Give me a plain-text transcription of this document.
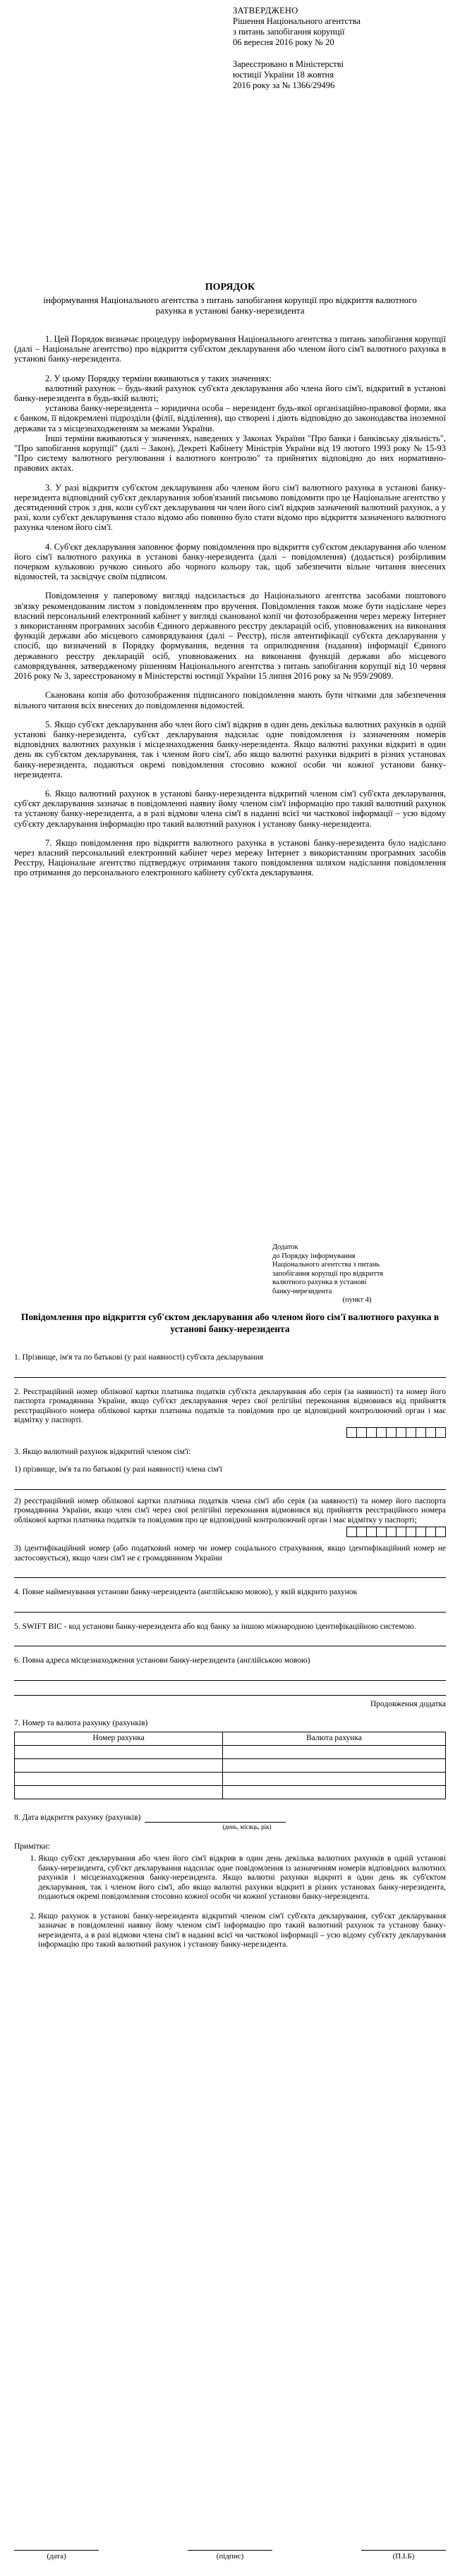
ЗАТВЕРДЖЕНО
Рішення Національного агентства
з питань запобігання корупції
06 вересня 2016 року № 20
Зареєстровано в Міністерстві
юстиції України 18 жовтня
2016 року за № 1366/29496
ПОРЯДОК
інформування Національного агентства з питань запобігання корупції про відкриття валютного рахунка в установі банку-нерезидента

1. Цей Порядок визначає процедуру інформування Національного агентства з питань запобігання корупції (далі – Національне агентство) про відкриття суб'єктом декларування або членом його сім'ї валютного рахунка в установі банку-нерезидента.

2. У цьому Порядку терміни вживаються у таких значеннях:

валютний рахунок – будь-який рахунок суб'єкта декларування або члена його сім'ї, відкритий в установі банку-нерезидента в будь-якій валюті;

установа банку-нерезидента – юридична особа – нерезидент будь-якої організаційно-правової форми, яка є банком, її відокремлені підрозділи (філії, відділення), що створені і діють відповідно до законодавства іноземної держави та з місцезнаходженням за межами України.

Інші терміни вживаються у значеннях, наведених у Законах України "Про банки і банківську діяльність", "Про запобігання корупції" (далі – Закон), Декреті Кабінету Міністрів України від 19 лютого 1993 року № 15-93 "Про систему валютного регулювання і валютного контролю" та прийнятих відповідно до них нормативно-правових актах.

3. У разі відкриття суб'єктом декларування або членом його сім'ї валютного рахунка в установі банку-нерезидента відповідний суб'єкт декларування зобов'язаний письмово повідомити про це Національне агентство у десятиденний строк з дня, коли суб'єкт декларування чи член його сім'ї відкрив зазначений валютний рахунок, а у разі, коли суб'єкт декларування стало відомо або повинно було стати відомо про відкриття зазначеного валютного рахунка членом його сім'ї.

4. Суб'єкт декларування заповнює форму повідомлення про відкриття суб'єктом декларування або членом його сім'ї валютного рахунка в установі банку-нерезидента (далі – повідомлення) (додається) розбірливим почерком кульковою ручкою синього або чорного кольору так, щоб забезпечити вільне читання внесених відомостей, та засвідчує своїм підписом.

Повідомлення у паперовому вигляді надсилається до Національного агентства засобами поштового зв'язку рекомендованим листом з повідомленням про вручення. Повідомлення також може бути надіслане через власний персональний електронний кабінет у вигляді сканованої копії чи фотозображення через мережу Інтернет з використанням програмних засобів Єдиного державного реєстру декларацій осіб, уповноважених на виконання функцій держави або місцевого самоврядування (далі – Реєстр), після автентифікації суб'єкта декларування у спосіб, що визначений в Порядку формування, ведення та оприлюднення (надання) інформації Єдиного державного реєстру декларацій осіб, уповноважених на виконання функцій держави або місцевого самоврядування, затвердженому рішенням Національного агентства з питань запобігання корупції від 10 червня 2016 року № 3, зареєстрованому в Міністерстві юстиції України 15 липня 2016 року за № 959/29089.

Сканована копія або фотозображення підписаного повідомлення мають бути чіткими для забезпечення вільного читання всіх внесених до повідомлення відомостей.

5. Якщо суб'єкт декларування або член його сім'ї відкрив в один день декілька валютних рахунків в одній установі банку-нерезидента, суб'єкт декларування надсилає одне повідомлення із зазначенням номерів відповідних валютних рахунків і місцезнаходження банку-нерезидента. Якщо валютні рахунки відкриті в один день як суб'єктом декларування, так і членом його сім'ї, або якщо валютні рахунки відкриті в різних установах банку-нерезидента, подаються окремі повідомлення стосовно кожної особи чи кожної установи банку-нерезидента.

6. Якщо валютний рахунок в установі банку-нерезидента відкритий членом сім'ї суб'єкта декларування, суб'єкт декларування зазначає в повідомленні наявну йому членом сім'ї інформацію про такий валютний рахунок та установу банку-нерезидента, а в разі відмови члена сім'ї в наданні всієї чи часткової інформації – усю відому суб'єкту декларування інформацію про такий валютний рахунок і установу банку-нерезидента.

7. Якщо повідомлення про відкриття валютного рахунка в установі банку-нерезидента було надіслано через власний персональний електронний кабінет через мережу Інтернет з використанням програмних засобів Реєстру, Національне агентство підтверджує отримання такого повідомлення шляхом надіслання повідомлення про отримання до персонального електронного кабінету суб'єкта декларування.

Додаток
до Порядку інформування
Національного агентства з питань
запобігання корупції про відкриття
валютного рахунка в установі
банку-нерезидента
(пункт 4)
Повідомлення про відкриття суб'єктом декларування або членом його сім'ї валютного рахунка в установі банку-нерезидента
1. Прізвище, ім'я та по батькові (у разі наявності) суб'єкта декларування
2. Реєстраційний номер облікової картки платника податків суб'єкта декларування або серія (за наявності) та номер його паспорта громадянина України, якщо суб'єкт декларування через свої релігійні переконання відмовився від прийняття реєстраційного номера облікової картки платника податків та повідомив про це відповідний контролюючий орган і має відмітку у паспорті.
3. Якщо валютний рахунок відкритий членом сім'ї:
1) прізвище, ім'я та по батькові (у разі наявності) члена сім'ї
2) реєстраційний номер облікової картки платника податків члена сім'ї або серія (за наявності) та номер його паспорта громадянина України, якщо член сім'ї через свої релігійні переконання відмовився від прийняття реєстраційного номера облікової картки платника податків та повідомив про це відповідний контролюючий орган і має відмітку у паспорті;
3) ідентифікаційний номер (або податковий номер чи номер соціального страхування, якщо ідентифікаційний номер не застосовується), якщо член сім'ї не є громадянином України
4. Повне найменування установи банку-нерезидента (англійською мовою), у якій відкрито рахунок
5. SWIFT BIC - код установи банку-нерезидента або код банку за іншою міжнародною ідентифікаційною системою.
6. Повна адреса місцезнаходження установи банку-нерезидента (англійською мовою)
Продовження додатка
7. Номер та валюта рахунку (рахунків)
Номер рахунка	Валюта рахунка

8. Дата відкриття рахунку (рахунків)
(день, місяць, рік)
Примітки:
1. Якщо суб'єкт декларування або член його сім'ї відкрив в один день декілька валютних рахунків в одній установі банку-нерезидента, суб'єкт декларування надсилає одне повідомлення із зазначенням номерів відповідних валютних рахунків і місцезнаходження банку-нерезидента. Якщо валютні рахунки відкриті в один день як суб'єктом декларування, так і членом його сім'ї, або якщо валютні рахунки відкриті в різних установах банку-нерезидента, подаються окремі повідомлення стосовно кожної особи чи кожної установи банку-нерезидента.
2. Якщо рахунок в установі банку-нерезидента відкритий членом сім'ї суб'єкта декларування, суб'єкт декларування зазначає в повідомленні наявну йому членом сім'ї інформацію про такий валютний рахунок та установу банку-нерезидента, а в разі відмови члена сім'ї в наданні всієї чи часткової інформації – усю відому суб'єкту декларування інформацію про такий валютний рахунок і установу банку-нерезидента.
(дата)	(підпис)	(П.І.Б)
